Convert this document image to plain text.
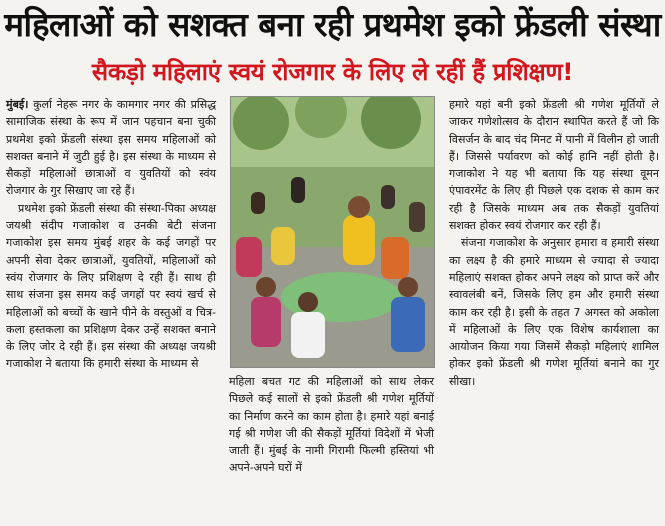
महिलाओं को सशक्त बना रही प्रथमेश इको फ्रेंडली संस्था
सैकड़ो महिलाएं स्वयं रोजगार के लिए ले रहीं हैं प्रशिक्षण!

मुंबई। कुर्ला नेहरू नगर के कामगार नगर की प्रसिद्ध सामाजिक संस्था के रूप में जान पहचान बना चुकी प्रथमेश इको फ्रेंडली संस्था इस समय महिलाओं को सशक्त बनाने में जुटी हुई है। इस संस्था के माध्यम से सैकड़ों महिलाओं छात्राओं व युवतियों को स्वंय रोजगार के गुर सिखाए जा रहे हैं।

प्रथमेश इको फ्रेंडली संस्था की संस्था-पिका अध्यक्ष जयश्री संदीप गजाकोश व उनकी बेटी संजना गजाकोश इस समय मुंबई शहर के कई जगहों पर अपनी सेवा देकर छात्राओं, युवतियों, महिलाओं को स्वंय रोजगार के लिए प्रशिक्षण दे रही हैं। साथ ही साथ संजना इस समय कई जगहों पर स्वयं खर्च से महिलाओं को बच्चों के खाने पीने के वस्तुओं व चित्र-कला हस्तकला का प्रशिक्षण देकर उन्हें सशक्त बनाने के लिए जोर दे रही हैं। इस संस्था की अध्यक्ष जयश्री गजाकोश ने बताया कि हमारी संस्था के माध्यम से

महिला बचत गट की महिलाओं को साथ लेकर पिछले कई सालों से इको फ्रेंडली श्री गणेश मूर्तियों का निर्माण करने का काम होता है। हमारे यहां बनाई गई श्री गणेश जी की सैकड़ों मूर्तियां विदेशों में भेजी जाती हैं। मुंबई के नामी गिरामी फिल्मी हस्तियां भी अपने-अपने घरों में

हमारे यहां बनी इको फ्रेंडली श्री गणेश मूर्तियों ले जाकर गणेशोत्सव के दौरान स्थापित करते हैं जो कि विसर्जन के बाद चंद मिनट में पानी में विलीन हो जाती हैं। जिससे पर्यावरण को कोई हानि नहीं होती है। गजाकोश ने यह भी बताया कि यह संस्था वूमन एंपावरमेंट के लिए ही पिछले एक दशक से काम कर रही है जिसके माध्यम अब तक सैकड़ों युवतियां सशक्त होकर स्वयं रोजगार कर रही हैं।

संजना गजाकोश के अनुसार हमारा व हमारी संस्था का लक्ष्य है की हमारे माध्यम से ज्यादा से ज्यादा महिलाएं सशक्त होकर अपने लक्ष्य को प्राप्त करें और स्वावलंबी बनें, जिसके लिए हम और हमारी संस्था काम कर रही है। इसी के तहत 7 अगस्त को अकोला में महिलाओं के लिए एक विशेष कार्यशाला का आयोजन किया गया जिसमें सैकड़ो महिलाएं शामिल होकर इको फ्रेंडली श्री गणेश मूर्तियां बनाने का गुर सीखा।
